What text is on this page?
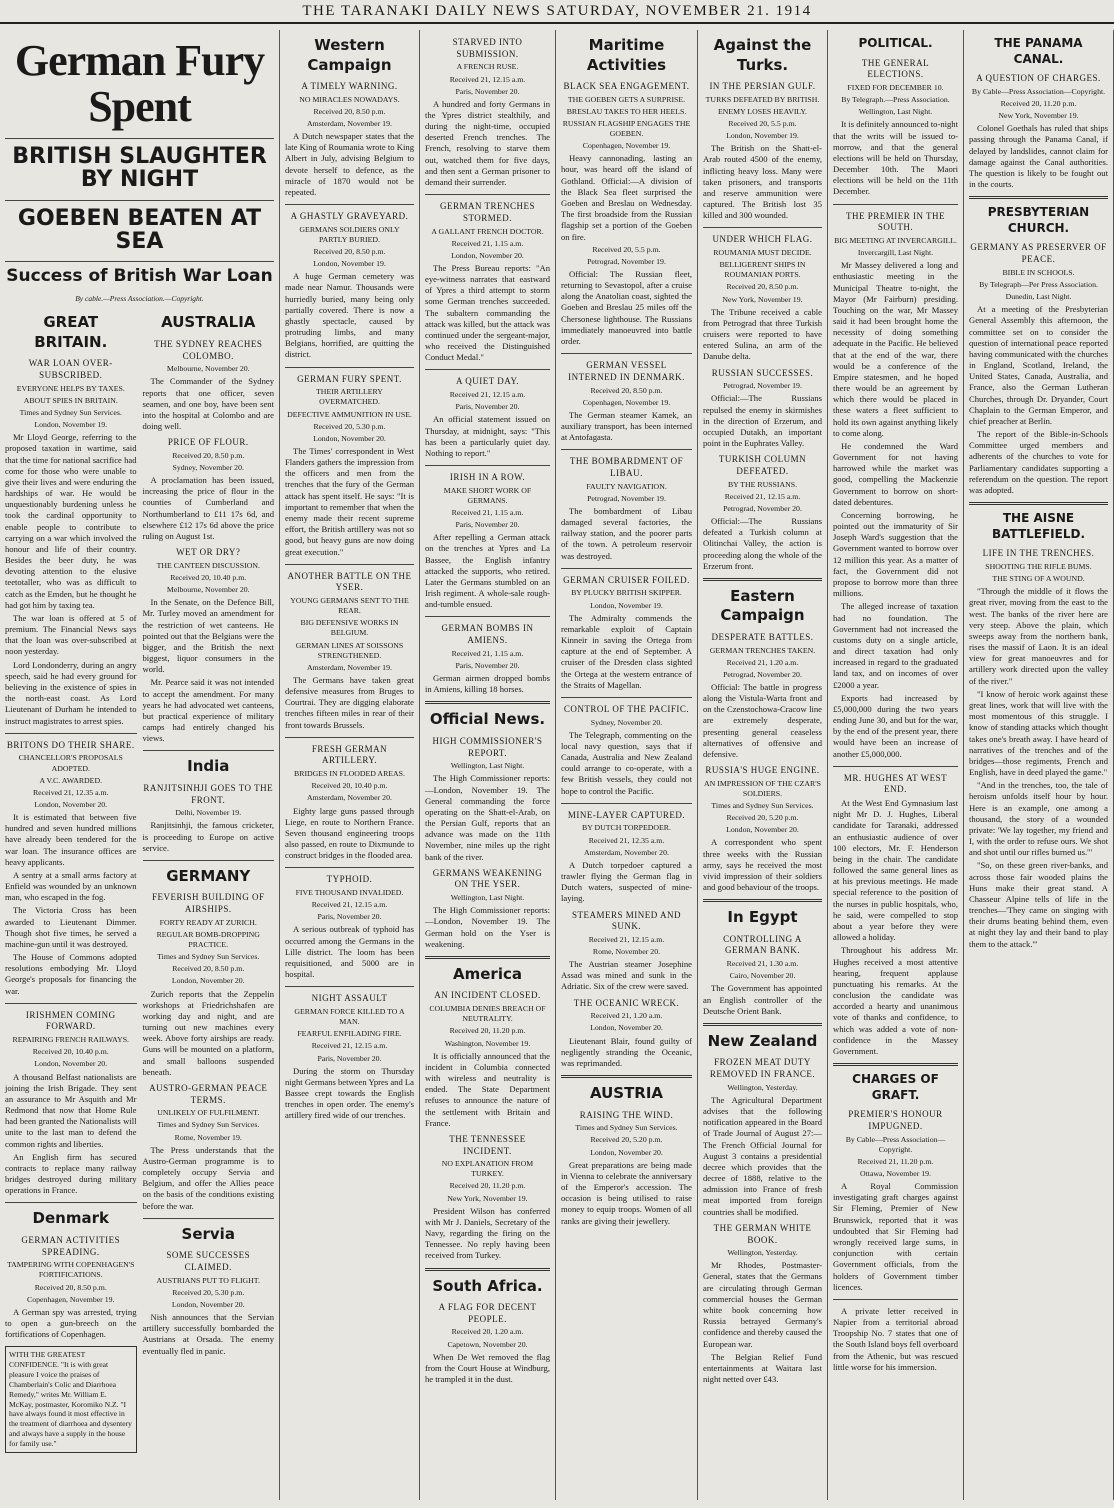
THE TARANAKI DAILY NEWS SATURDAY, NOVEMBER 21. 1914
German Fury Spent
BRITISH SLAUGHTER BY NIGHT
GOEBEN BEATEN AT SEA
Success of British War Loan
By cable.—Press Association.—Copyright.
GREAT BRITAIN.
WAR LOAN OVER-SUBSCRIBED.
EVERYONE HELPS BY TAXES.
ABOUT SPIES IN BRITAIN.
Times and Sydney Sun Services.
London, November 19.

Mr Lloyd George, referring to the proposed taxation in wartime, said that the time for national sacrifice had come for those who were unable to give their lives and were enduring the hardships of war. He would be unquestionably burdening unless he took the cardinal opportunity to enable people to contribute to carrying on a war which involved the honour and life of their country. Besides the beer duty, he was devoting attention to the elusive teetotaller, who was as difficult to catch as the Emden, but he thought he had got him by taxing tea.

The war loan is offered at 5 of premium. The Financial News says that the loan was over-subscribed at noon yesterday.

Lord Londonderry, during an angry speech, said he had every ground for believing in the existence of spies in the north-east coast. As Lord Lieutenant of Durham he intended to instruct magistrates to arrest spies.

BRITONS DO THEIR SHARE.
CHANCELLOR'S PROPOSALS ADOPTED.
A V.C. AWARDED.
Received 21, 12.35 a.m.
London, November 20.

It is estimated that between five hundred and seven hundred millions have already been tendered for the war loan. The insurance offices are heavy applicants.

A sentry at a small arms factory at Enfield was wounded by an unknown man, who escaped in the fog.

The Victoria Cross has been awarded to Lieutenant Dimmer. Though shot five times, he served a machine-gun until it was destroyed.

The House of Commons adopted resolutions embodying Mr. Lloyd George's proposals for financing the war.

IRISHMEN COMING FORWARD.
REPAIRING FRENCH RAILWAYS.
Received 20, 10.40 p.m.
London, November 20.

A thousand Belfast nationalists are joining the Irish Brigade. They sent an assurance to Mr Asquith and Mr Redmond that now that Home Rule had been granted the Nationalists will unite to the last man to defend the common rights and liberties.

An English firm has secured contracts to replace many railway bridges destroyed during military operations in France.

Denmark
GERMAN ACTIVITIES SPREADING.
TAMPERING WITH COPENHAGEN'S FORTIFICATIONS.
Received 20, 8.50 p.m.
Copenhagen, November 19.

A German spy was arrested, trying to open a gun-breech on the fortifications of Copenhagen.

WITH THE GREATEST CONFIDENCE. "It is with great pleasure I voice the praises of Chamberlain's Colic and Diarrhoea Remedy," writes Mr. William E. McKay, postmaster, Koromiko N.Z. "I have always found it most effective in the treatment of diarrhoea and dysentery and always have a supply in the house for family use."
AUSTRALIA
THE SYDNEY REACHES COLOMBO.
Melbourne, November 20.

The Commander of the Sydney reports that one officer, seven seamen, and one boy, have been sent into the hospital at Colombo and are doing well.

PRICE OF FLOUR.
Received 20, 8.50 p.m.
Sydney, November 20.

A proclamation has been issued, increasing the price of flour in the counties of Cumberland and Northumberland to £11 17s 6d, and elsewhere £12 17s 6d above the price ruling on August 1st.

WET OR DRY?
THE CANTEEN DISCUSSION.
Received 20, 10.40 p.m.
Melbourne, November 20.

In the Senate, on the Defence Bill, Mr. Turley moved an amendment for the restriction of wet canteens. He pointed out that the Belgians were the bigger, and the British the next biggest, liquor consumers in the world.

Mr. Pearce said it was not intended to accept the amendment. For many years he had advocated wet canteens, but practical experience of military camps had entirely changed his views.

India
RANJITSINHJI GOES TO THE FRONT.
Delhi, November 19.

Ranjitsinhji, the famous cricketer, is proceeding to Europe on active service.

GERMANY
FEVERISH BUILDING OF AIRSHIPS.
FORTY READY AT ZURICH.
REGULAR BOMB-DROPPING PRACTICE.
Times and Sydney Sun Services.
Received 20, 8.50 p.m.
London, November 20.

Zurich reports that the Zeppelin workshops at Friedrichshafen are working day and night, and are turning out new machines every week. Above forty airships are ready. Guns will be mounted on a platform, and small balloons suspended beneath.

AUSTRO-GERMAN PEACE TERMS.
UNLIKELY OF FULFILMENT.
Times and Sydney Sun Services.
Rome, November 19.

The Press understands that the Austro-German programme is to completely occupy Servia and Belgium, and offer the Allies peace on the basis of the conditions existing before the war.

Servia
SOME SUCCESSES CLAIMED.
AUSTRIANS PUT TO FLIGHT.
Received 20, 5.30 p.m.
London, November 20.

Nish announces that the Servian artillery successfully bombarded the Austrians at Orsada. The enemy eventually fled in panic.

Western Campaign
A TIMELY WARNING.
NO MIRACLES NOWADAYS.
Received 20, 8.50 p.m.
Amsterdam, November 19.

A Dutch newspaper states that the late King of Roumania wrote to King Albert in July, advising Belgium to devote herself to defence, as the miracle of 1870 would not be repeated.

A GHASTLY GRAVEYARD.
GERMANS SOLDIERS ONLY PARTLY BURIED.
Received 20, 8.50 p.m.
London, November 19.

A huge German cemetery was made near Namur. Thousands were hurriedly buried, many being only partially covered. There is now a ghastly spectacle, caused by protruding limbs, and many Belgians, horrified, are quitting the district.

GERMAN FURY SPENT.
THEIR ARTILLERY OVERMATCHED.
DEFECTIVE AMMUNITION IN USE.
Received 20, 5.30 p.m.
London, November 20.

The Times' correspondent in West Flanders gathers the impression from the officers and men from the trenches that the fury of the German attack has spent itself. He says: "It is important to remember that when the enemy made their recent supreme effort, the British artillery was not so good, but heavy guns are now doing great execution."

ANOTHER BATTLE ON THE YSER.
YOUNG GERMANS SENT TO THE REAR.
BIG DEFENSIVE WORKS IN BELGIUM.
GERMAN LINES AT SOISSONS STRENGTHENED.
Amsterdam, November 19.

The Germans have taken great defensive measures from Bruges to Courtrai. They are digging elaborate trenches fifteen miles in rear of their front towards Brussels.

FRESH GERMAN ARTILLERY.
BRIDGES IN FLOODED AREAS.
Received 20, 10.40 p.m.
Amsterdam, November 20.

Eighty large guns passed through Liege, en route to Northern France. Seven thousand engineering troops also passed, en route to Dixmunde to construct bridges in the flooded area.

TYPHOID.
FIVE THOUSAND INVALIDED.
Received 21, 12.15 a.m.
Paris, November 20.

A serious outbreak of typhoid has occurred among the Germans in the Lille district. The loom has been requisitioned, and 5000 are in hospital.

NIGHT ASSAULT
GERMAN FORCE KILLED TO A MAN.
FEARFUL ENFILADING FIRE.
Received 21, 12.15 a.m.
Paris, November 20.

During the storm on Thursday night Germans between Ypres and La Bassee crept towards the English trenches in open order. The enemy's artillery fired wide of our trenches.

STARVED INTO SUBMISSION.
A FRENCH RUSE.
Received 21, 12.15 a.m.
Paris, November 20.

A hundred and forty Germans in the Ypres district stealthily, and during the night-time, occupied deserted French trenches. The French, resolving to starve them out, watched them for five days, and then sent a German prisoner to demand their surrender.

GERMAN TRENCHES STORMED.
A GALLANT FRENCH DOCTOR.
Received 21, 1.15 a.m.
London, November 20.

The Press Bureau reports: "An eye-witness narrates that eastward of Ypres a third attempt to storm some German trenches succeeded. The subaltern commanding the attack was killed, but the attack was continued under the sergeant-major, who received the Distinguished Conduct Medal."

A QUIET DAY.
Received 21, 12.15 a.m.
Paris, November 20.

An official statement issued on Thursday, at midnight, says: "This has been a particularly quiet day. Nothing to report."

IRISH IN A ROW.
MAKE SHORT WORK OF GERMANS.
Received 21, 1.15 a.m.
Paris, November 20.

After repelling a German attack on the trenches at Ypres and La Bassee, the English infantry attacked the supports, who retired. Later the Germans stumbled on an Irish regiment. A whole-sale rough-and-tumble ensued.

GERMAN BOMBS IN AMIENS.
Received 21, 1.15 a.m.
Paris, November 20.

German airmen dropped bombs in Amiens, killing 18 horses.

Official News.
HIGH COMMISSIONER'S REPORT.
Wellington, Last Night.

The High Commissioner reports:—London, November 19. The General commanding the force operating on the Shatt-el-Arab, on the Persian Gulf, reports that an advance was made on the 11th November, nine miles up the right bank of the river.

GERMANS WEAKENING ON THE YSER.
Wellington, Last Night.

The High Commissioner reports:—London, November 19. The German hold on the Yser is weakening.

America
AN INCIDENT CLOSED.
COLUMBIA DENIES BREACH OF NEUTRALITY.
Received 20, 11.20 p.m.
Washington, November 19.

It is officially announced that the incident in Columbia connected with wireless and neutrality is ended. The State Department refuses to announce the nature of the settlement with Britain and France.

THE TENNESSEE INCIDENT.
NO EXPLANATION FROM TURKEY.
Received 20, 11.20 p.m.
New York, November 19.

President Wilson has conferred with Mr J. Daniels, Secretary of the Navy, regarding the firing on the Tennessee. No reply having been received from Turkey.

South Africa.
A FLAG FOR DECENT PEOPLE.
Received 20, 1.20 a.m.
Capetown, November 20.

When De Wet removed the flag from the Court House at Windburg, he trampled it in the dust.

Maritime Activities
BLACK SEA ENGAGEMENT.
THE GOEBEN GETS A SURPRISE.
BRESLAU TAKES TO HER HEELS.
RUSSIAN FLAGSHIP ENGAGES THE GOEBEN.
Copenhagen, November 19.

Heavy cannonading, lasting an hour, was heard off the island of Gothland. Official:—A division of the Black Sea fleet surprised the Goeben and Breslau on Wednesday. The first broadside from the Russian flagship set a portion of the Goeben on fire.

Received 20, 5.5 p.m.
Petrograd, November 19.

Official: The Russian fleet, returning to Sevastopol, after a cruise along the Anatolian coast, sighted the Goeben and Breslau 25 miles off the Chersonese lighthouse. The Russians immediately manoeuvred into battle order.

GERMAN VESSEL INTERNED IN DENMARK.
Received 20, 8.50 p.m.
Copenhagen, November 19.

The German steamer Kamek, an auxiliary transport, has been interned at Antofagasta.

THE BOMBARDMENT OF LIBAU.
FAULTY NAVIGATION.
Petrograd, November 19.

The bombardment of Libau damaged several factories, the railway station, and the poorer parts of the town. A petroleum reservoir was destroyed.

GERMAN CRUISER FOILED.
BY PLUCKY BRITISH SKIPPER.
London, November 19.

The Admiralty commends the remarkable exploit of Captain Kinneir in saving the Ortega from capture at the end of September. A cruiser of the Dresden class sighted the Ortega at the western entrance of the Straits of Magellan.

CONTROL OF THE PACIFIC.
Sydney, November 20.

The Telegraph, commenting on the local navy question, says that if Canada, Australia and New Zealand could arrange to co-operate, with a few British vessels, they could not hope to control the Pacific.

MINE-LAYER CAPTURED.
BY DUTCH TORPEDOER.
Received 21, 12.35 a.m.
Amsterdam, November 20.

A Dutch torpedoer captured a trawler flying the German flag in Dutch waters, suspected of mine-laying.

STEAMERS MINED AND SUNK.
Received 21, 12.15 a.m.
Rome, November 20.

The Austrian steamer Josephine Assad was mined and sunk in the Adriatic. Six of the crew were saved.

THE OCEANIC WRECK.
Received 21, 1.20 a.m.
London, November 20.

Lieutenant Blair, found guilty of negligently stranding the Oceanic, was reprimanded.

AUSTRIA
RAISING THE WIND.
Times and Sydney Sun Services.
Received 20, 5.20 p.m.
London, November 20.

Great preparations are being made in Vienna to celebrate the anniversary of the Emperor's accession. The occasion is being utilised to raise money to equip troops. Women of all ranks are giving their jewellery.

Against the Turks.
IN THE PERSIAN GULF.
TURKS DEFEATED BY BRITISH.
ENEMY LOSES HEAVILY.
Received 20, 5.5 p.m.
London, November 19.

The British on the Shatt-el-Arab routed 4500 of the enemy, inflicting heavy loss. Many were taken prisoners, and transports and reserve ammunition were captured. The British lost 35 killed and 300 wounded.

UNDER WHICH FLAG.
ROUMANIA MUST DECIDE.
BELLIGERENT SHIPS IN ROUMANIAN PORTS.
Received 20, 8.50 p.m.
New York, November 19.

The Tribune received a cable from Petrograd that three Turkish cruisers were reported to have entered Sulina, an arm of the Danube delta.

RUSSIAN SUCCESSES.
Petrograd, November 19.

Official:—The Russians repulsed the enemy in skirmishes in the direction of Erzerum, and occupied Dutakh, an important point in the Euphrates Valley.

TURKISH COLUMN DEFEATED.
BY THE RUSSIANS.
Received 21, 12.15 a.m.
Petrograd, November 20.

Official:—The Russians defeated a Turkish column at Olitinchai Valley, the action is proceeding along the whole of the Erzerum front.

Eastern Campaign
DESPERATE BATTLES.
GERMAN TRENCHES TAKEN.
Received 21, 1.20 a.m.
Petrograd, November 20.

Official: The battle in progress along the Vistula-Warta front and on the Czenstochowa-Cracow line are extremely desperate, presenting general ceaseless alternatives of offensive and defensive.

RUSSIA'S HUGE ENGINE.
AN IMPRESSION OF THE CZAR'S SOLDIERS.
Times and Sydney Sun Services.
Received 20, 5.20 p.m.
London, November 20.

A correspondent who spent three weeks with the Russian army, says he received the most vivid impression of their soldiers and good behaviour of the troops.

In Egypt
CONTROLLING A GERMAN BANK.
Received 21, 1.30 a.m.
Cairo, November 20.

The Government has appointed an English controller of the Deutsche Orient Bank.

New Zealand
FROZEN MEAT DUTY REMOVED IN FRANCE.
Wellington, Yesterday.

The Agricultural Department advises that the following notification appeared in the Board of Trade Journal of August 27:—The French Official Journal for August 3 contains a presidential decree which provides that the decree of 1888, relative to the admission into France of fresh meat imported from foreign countries shall be modified.

THE GERMAN WHITE BOOK.
Wellington, Yesterday.

Mr Rhodes, Postmaster-General, states that the Germans are circulating through German commercial houses the German white book concerning how Russia betrayed Germany's confidence and thereby caused the European war.

The Belgian Relief Fund entertainments at Waitara last night netted over £43.

POLITICAL.
THE GENERAL ELECTIONS.
FIXED FOR DECEMBER 10.
By Telegraph.—Press Association.
Wellington, Last Night.

It is definitely announced to-night that the writs will be issued to-morrow, and that the general elections will be held on Thursday, December 10th. The Maori elections will be held on the 11th December.

THE PREMIER IN THE SOUTH.
BIG MEETING AT INVERCARGILL.
Invercargill, Last Night.

Mr Massey delivered a long and enthusiastic meeting in the Municipal Theatre to-night, the Mayor (Mr Fairburn) presiding. Touching on the war, Mr Massey said it had been brought home the necessity of doing something adequate in the Pacific. He believed that at the end of the war, there would be a conference of the Empire statesmen, and he hoped there would be an agreement by which there would be placed in these waters a fleet sufficient to hold its own against anything likely to come along.

He condemned the Ward Government for not having harrowed while the market was good, compelling the Mackenzie Government to borrow on short-dated debentures.

Concerning borrowing, he pointed out the immaturity of Sir Joseph Ward's suggestion that the Government wanted to borrow over 12 million this year. As a matter of fact, the Government did not propose to borrow more than three millions.

The alleged increase of taxation had no foundation. The Government had not increased the customs duty on a single article, and direct taxation had only increased in regard to the graduated land tax, and on incomes of over £2000 a year.

Exports had increased by £5,000,000 during the two years ending June 30, and but for the war, by the end of the present year, there would have been an increase of another £5,000,000.

MR. HUGHES AT WEST END.

At the West End Gymnasium last night Mr D. J. Hughes, Liberal candidate for Taranaki, addressed an enthusiastic audience of over 100 electors, Mr. F. Henderson being in the chair. The candidate followed the same general lines as at his previous meetings. He made special reference to the position of the nurses in public hospitals, who, he said, were compelled to stop about a year before they were allowed a holiday.

Throughout his address Mr. Hughes received a most attentive hearing, frequent applause punctuating his remarks. At the conclusion the candidate was accorded a hearty and unanimous vote of thanks and confidence, to which was added a vote of non-confidence in the Massey Government.

CHARGES OF GRAFT.
PREMIER'S HONOUR IMPUGNED.
By Cable—Press Association—Copyright.
Received 21, 11.20 p.m.
Ottawa, November 19.

A Royal Commission investigating graft charges against Sir Fleming, Premier of New Brunswick, reported that it was undoubted that Sir Fleming had wrongly received large sums, in conjunction with certain Government officials, from the holders of Government timber licences.

A private letter received in Napier from a territorial abroad Troopship No. 7 states that one of the South Island boys fell overboard from the Athenic, but was rescued little worse for his immersion.

THE PANAMA CANAL.
A QUESTION OF CHARGES.
By Cable—Press Association—Copyright.
Received 20, 11.20 p.m.
New York, November 19.

Colonel Goethals has ruled that ships passing through the Panama Canal, if delayed by landslides, cannot claim for damage against the Canal authorities. The question is likely to be fought out in the courts.

PRESBYTERIAN CHURCH.
GERMANY AS PRESERVER OF PEACE.
BIBLE IN SCHOOLS.
By Telegraph—Per Press Association.
Dunedin, Last Night.

At a meeting of the Presbyterian General Assembly this afternoon, the committee set on to consider the question of international peace reported having communicated with the churches in England, Scotland, Ireland, the United States, Canada, Australia, and France, also the German Lutheran Churches, through Dr. Dryander, Court Chaplain to the German Emperor, and chief preacher at Berlin.

The report of the Bible-in-Schools Committee urged members and adherents of the churches to vote for Parliamentary candidates supporting a referendum on the question. The report was adopted.

THE AISNE BATTLEFIELD.
LIFE IN THE TRENCHES.
SHOOTING THE RIFLE BUMS.
THE STING OF A WOUND.

"Through the middle of it flows the great river, moving from the east to the west. The banks of the river here are very steep. Above the plain, which sweeps away from the northern bank, rises the massif of Laon. It is an ideal view for great manoeuvres and for artillery work directed upon the valley of the river."

"I know of heroic work against these great lines, work that will live with the most momentous of this struggle. I know of standing attacks which thought takes one's breath away. I have heard of narratives of the trenches and of the bridges—those regiments, French and English, have in deed played the game."

"And in the trenches, too, the tale of heroism unfolds itself hour by hour. Here is an example, one among a thousand, the story of a wounded private: 'We lay together, my friend and I, with the order to refuse ours. We shot and shot until our rifles burned us.'"

"So, on these green river-banks, and across those fair wooded plains the Huns make their great stand. A Chasseur Alpine tells of life in the trenches—'They came on singing with their drums beating behind them, even at night they lay and their band to play them to the attack.'"
